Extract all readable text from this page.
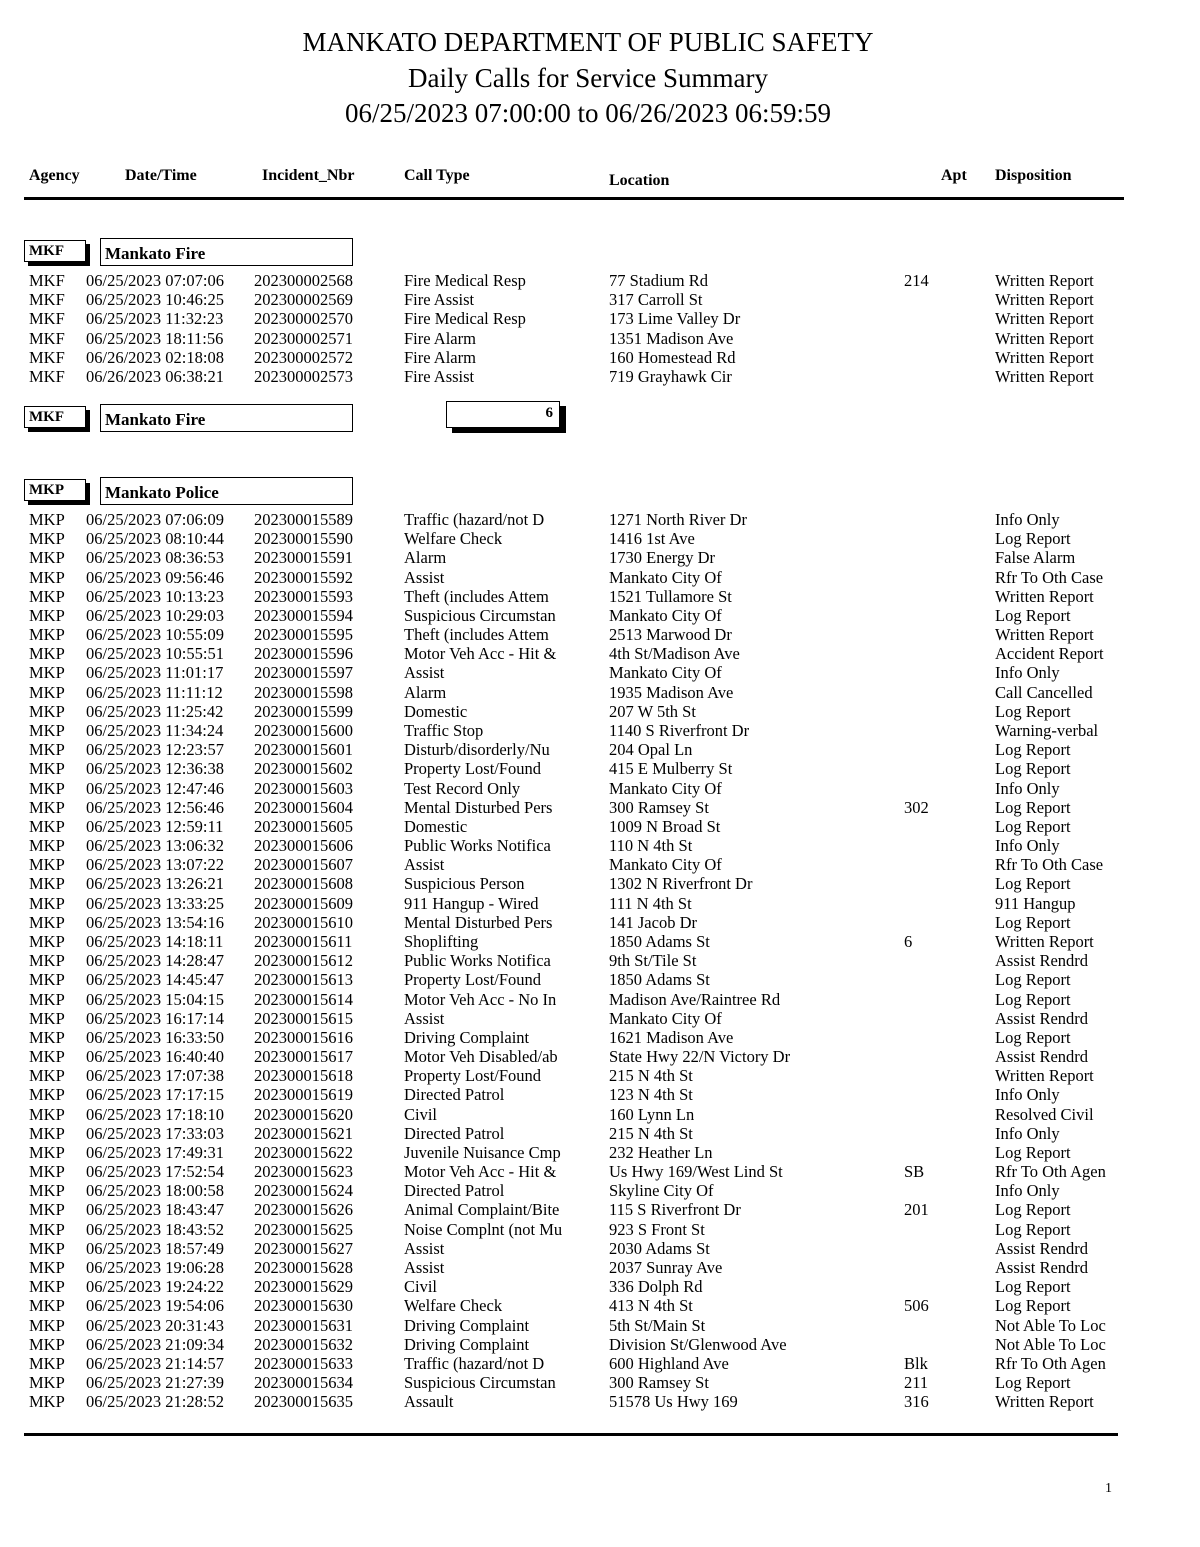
MANKATO DEPARTMENT OF PUBLIC SAFETY
Daily Calls for Service Summary
06/25/2023 07:00:00 to 06/26/2023 06:59:59
Agency	Date/Time	Incident_Nbr	Call Type	Location	Apt Disposition
MKF	Mankato Fire
MKF	Mankato Fire	6
MKP	Mankato Police
MKF 06/25/2023 07:07:06 202300002568	Fire Medical Resp	77 Stadium Rd	214	Written Report
MKF 06/25/2023 10:46:25 202300002569	Fire Assist	317 Carroll St	Written Report
MKF 06/25/2023 11:32:23 202300002570	Fire Medical Resp	173 Lime Valley Dr	Written Report
MKF 06/25/2023 18:11:56 202300002571	Fire Alarm	1351 Madison Ave	Written Report
MKF 06/26/2023 02:18:08 202300002572	Fire Alarm	160 Homestead Rd	Written Report
MKF 06/26/2023 06:38:21 202300002573	Fire Assist	719 Grayhawk Cir	Written Report
MKP 06/25/2023 07:06:09 202300015589	Traffic (hazard/not D	1271 North River Dr	Info Only
MKP 06/25/2023 08:10:44 202300015590	Welfare Check	1416 1st Ave	Log Report
MKP 06/25/2023 08:36:53 202300015591	Alarm	1730 Energy Dr	False Alarm
MKP 06/25/2023 09:56:46 202300015592	Assist	Mankato City Of	Rfr To Oth Case
MKP 06/25/2023 10:13:23 202300015593	Theft (includes Attem	1521 Tullamore St	Written Report
MKP 06/25/2023 10:29:03 202300015594	Suspicious Circumstan	Mankato City Of	Log Report
MKP 06/25/2023 10:55:09 202300015595	Theft (includes Attem	2513 Marwood Dr	Written Report
MKP 06/25/2023 10:55:51 202300015596	Motor Veh Acc - Hit &	4th St/Madison Ave	Accident Report
MKP 06/25/2023 11:01:17 202300015597	Assist	Mankato City Of	Info Only
MKP 06/25/2023 11:11:12 202300015598	Alarm	1935 Madison Ave	Call Cancelled
MKP 06/25/2023 11:25:42 202300015599	Domestic	207 W 5th St	Log Report
MKP 06/25/2023 11:34:24 202300015600	Traffic Stop	1140 S Riverfront Dr	Warning-verbal
MKP 06/25/2023 12:23:57 202300015601	Disturb/disorderly/Nu	204 Opal Ln	Log Report
MKP 06/25/2023 12:36:38 202300015602	Property Lost/Found	415 E Mulberry St	Log Report
MKP 06/25/2023 12:47:46 202300015603	Test Record Only	Mankato City Of	Info Only
MKP 06/25/2023 12:56:46 202300015604	Mental Disturbed Pers	300 Ramsey St	302	Log Report
MKP 06/25/2023 12:59:11 202300015605	Domestic	1009 N Broad St	Log Report
MKP 06/25/2023 13:06:32 202300015606	Public Works Notifica	110 N 4th St	Info Only
MKP 06/25/2023 13:07:22 202300015607	Assist	Mankato City Of	Rfr To Oth Case
MKP 06/25/2023 13:26:21 202300015608	Suspicious Person	1302 N Riverfront Dr	Log Report
MKP 06/25/2023 13:33:25 202300015609	911 Hangup - Wired	111 N 4th St	911 Hangup
MKP 06/25/2023 13:54:16 202300015610	Mental Disturbed Pers	141 Jacob Dr	Log Report
MKP 06/25/2023 14:18:11 202300015611	Shoplifting	1850 Adams St	6	Written Report
MKP 06/25/2023 14:28:47 202300015612	Public Works Notifica	9th St/Tile St	Assist Rendrd
MKP 06/25/2023 14:45:47 202300015613	Property Lost/Found	1850 Adams St	Log Report
MKP 06/25/2023 15:04:15 202300015614	Motor Veh Acc - No In	Madison Ave/Raintree Rd	Log Report
MKP 06/25/2023 16:17:14 202300015615	Assist	Mankato City Of	Assist Rendrd
MKP 06/25/2023 16:33:50 202300015616	Driving Complaint	1621 Madison Ave	Log Report
MKP 06/25/2023 16:40:40 202300015617	Motor Veh Disabled/ab	State Hwy 22/N Victory Dr	Assist Rendrd
MKP 06/25/2023 17:07:38 202300015618	Property Lost/Found	215 N 4th St	Written Report
MKP 06/25/2023 17:17:15 202300015619	Directed Patrol	123 N 4th St	Info Only
MKP 06/25/2023 17:18:10 202300015620	Civil	160 Lynn Ln	Resolved Civil
MKP 06/25/2023 17:33:03 202300015621	Directed Patrol	215 N 4th St	Info Only
MKP 06/25/2023 17:49:31 202300015622	Juvenile Nuisance Cmp	232 Heather Ln	Log Report
MKP 06/25/2023 17:52:54 202300015623	Motor Veh Acc - Hit &	Us Hwy 169/West Lind St	SB	Rfr To Oth Agen
MKP 06/25/2023 18:00:58 202300015624	Directed Patrol	Skyline City Of	Info Only
MKP 06/25/2023 18:43:47 202300015626	Animal Complaint/Bite	115 S Riverfront Dr	201	Log Report
MKP 06/25/2023 18:43:52 202300015625	Noise Complnt (not Mu	923 S Front St	Log Report
MKP 06/25/2023 18:57:49 202300015627	Assist	2030 Adams St	Assist Rendrd
MKP 06/25/2023 19:06:28 202300015628	Assist	2037 Sunray Ave	Assist Rendrd
MKP 06/25/2023 19:24:22 202300015629	Civil	336 Dolph Rd	Log Report
MKP 06/25/2023 19:54:06 202300015630	Welfare Check	413 N 4th St	506	Log Report
MKP 06/25/2023 20:31:43 202300015631	Driving Complaint	5th St/Main St	Not Able To Loc
MKP 06/25/2023 21:09:34 202300015632	Driving Complaint	Division St/Glenwood Ave	Not Able To Loc
MKP 06/25/2023 21:14:57 202300015633	Traffic (hazard/not D	600 Highland Ave	Blk	Rfr To Oth Agen
MKP 06/25/2023 21:27:39 202300015634	Suspicious Circumstan	300 Ramsey St	211	Log Report
MKP 06/25/2023 21:28:52 202300015635	Assault	51578 Us Hwy 169	316	Written Report
1
